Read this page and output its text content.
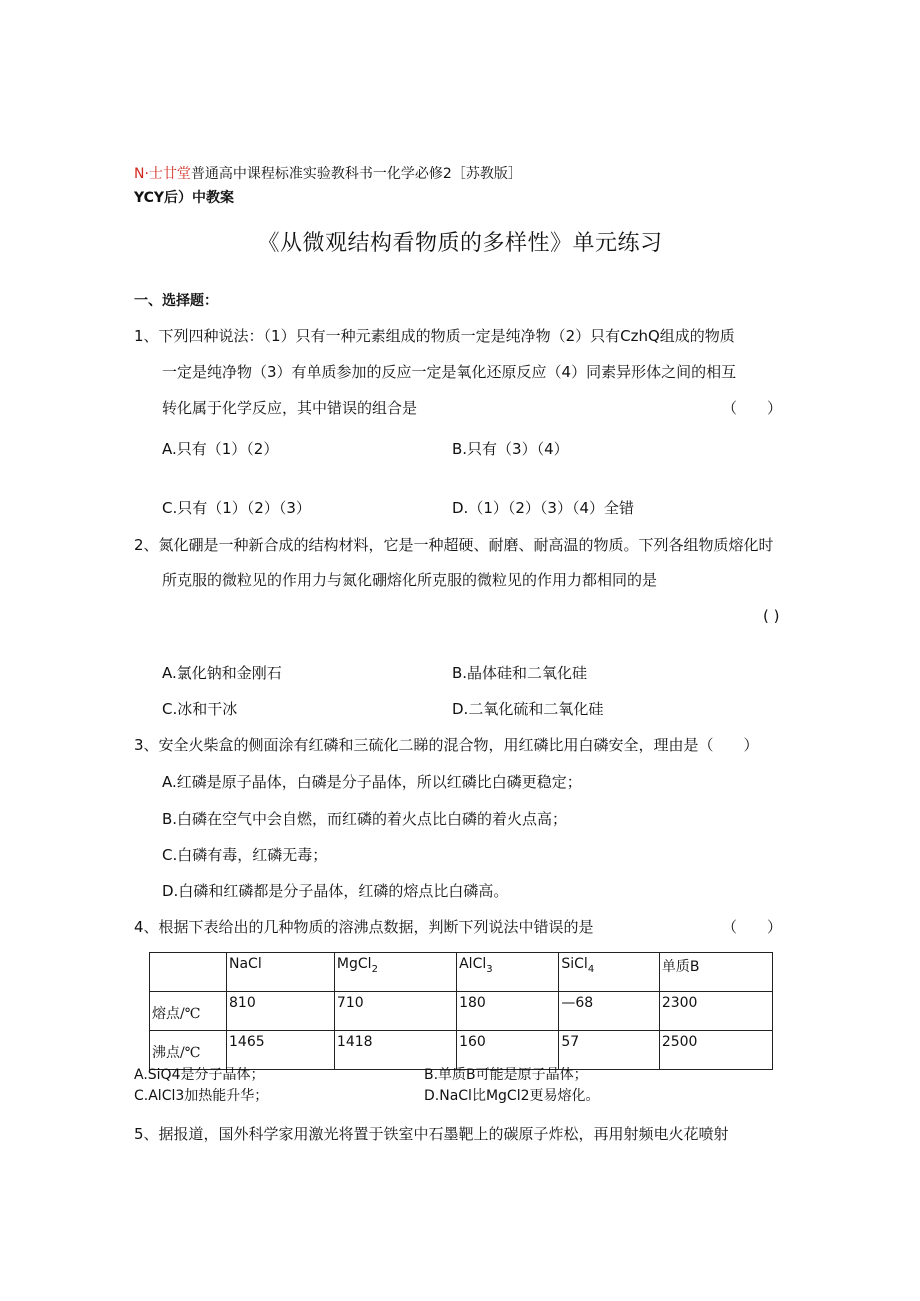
N·士廿堂普通高中课程标准实验教科书一化学必修2［苏教版］
YCY后）中教案
《从微观结构看物质的多样性》单元练习
一、选择题：
1、下列四种说法：（1）只有一种元素组成的物质一定是纯净物（2）只有CzhQ组成的物质
一定是纯净物（3）有单质参加的反应一定是氧化还原反应（4）同素异形体之间的相互
转化属于化学反应，其中错误的组合是	（　　）
A.只有（1）（2）	B.只有（3）（4）
C.只有（1）（2）（3）	D.（1）（2）（3）（4）全错
2、氮化硼是一种新合成的结构材料，它是一种超硬、耐磨、耐高温的物质。下列各组物质熔化时
所克服的微粒见的作用力与氮化硼熔化所克服的微粒见的作用力都相同的是
( )
A.氯化钠和金刚石	B.晶体硅和二氧化硅
C.冰和干冰	D.二氧化硫和二氧化硅
3、安全火柴盒的侧面涂有红磷和三硫化二睇的混合物，用红磷比用白磷安全，理由是（　　）
A.红磷是原子晶体，白磷是分子晶体，所以红磷比白磷更稳定；
B.白磷在空气中会自燃，而红磷的着火点比白磷的着火点高；
C.白磷有毒，红磷无毒；
D.白磷和红磷都是分子晶体，红磷的熔点比白磷高。
4、根据下表给出的几种物质的溶沸点数据，判断下列说法中错误的是	（　　）
	NaCl	MgCl$_2$	AlCl$_3$	SiCl$_4$	单质B
熔点/℃	810	710	180	—68	2300
沸点/℃	1465	1418	160	57	2500
A.SiQ4是分子晶体；	B.单质B可能是原子晶体；
C.AlCl3加热能升华；	D.NaCl比MgCl2更易熔化。
5、据报道，国外科学家用激光将置于铁室中石墨靶上的碳原子炸松，再用射频电火花喷射
